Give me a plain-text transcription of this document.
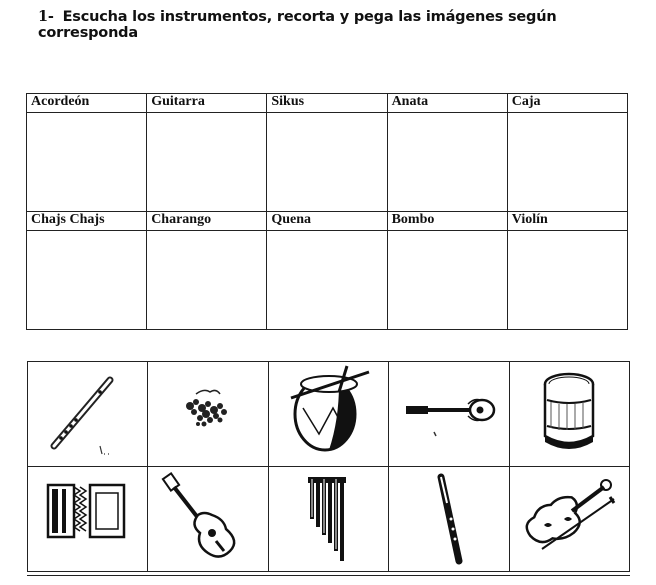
1- Escucha los instrumentos, recorta y pega las imágenes según corresponda
Acordeón	Guitarra	Sikus	Anata	Caja

Chajs Chajs	Charango	Quena	Bombo	Violín
